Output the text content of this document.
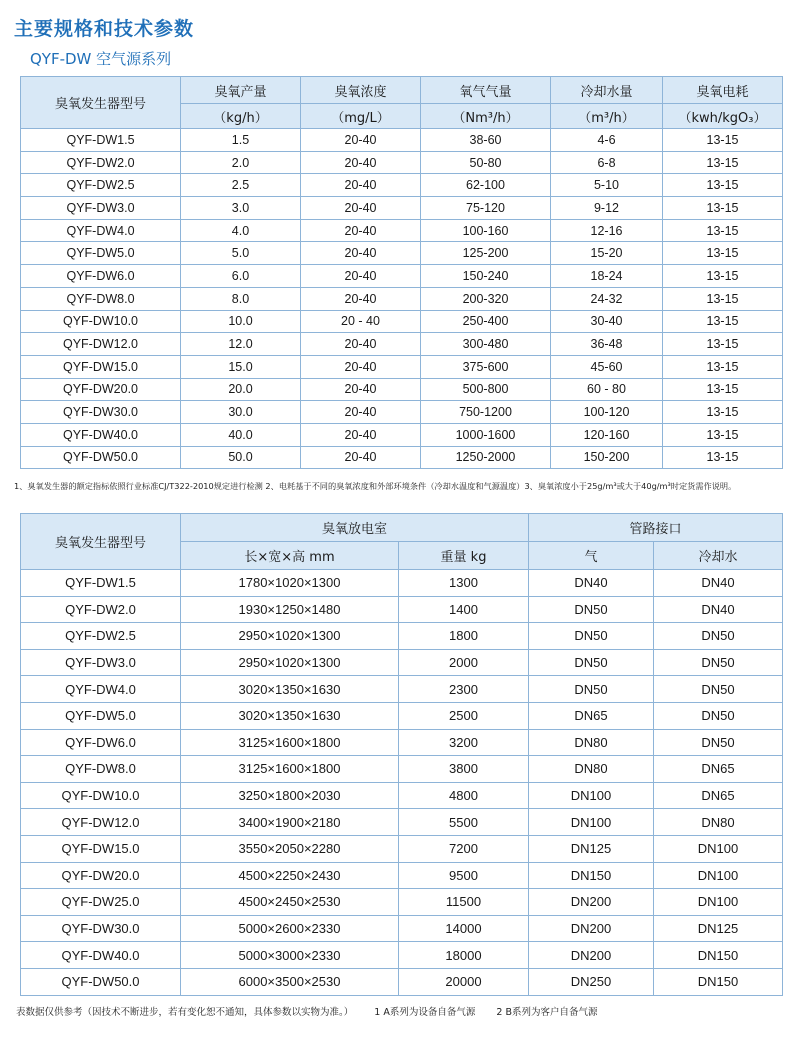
主要规格和技术参数
QYF-DW 空气源系列
臭氧发生器型号	臭氧产量	臭氧浓度	氧气气量	冷却水量	臭氧电耗
	（kg/h）	（mg/L）	（Nm³/h）	（m³/h）	（kwh/kgO₃）
QYF-DW1.5	1.5	20-40	38-60	4-6	13-15
QYF-DW2.0	2.0	20-40	50-80	6-8	13-15
QYF-DW2.5	2.5	20-40	62-100	5-10	13-15
QYF-DW3.0	3.0	20-40	75-120	9-12	13-15
QYF-DW4.0	4.0	20-40	100-160	12-16	13-15
QYF-DW5.0	5.0	20-40	125-200	15-20	13-15
QYF-DW6.0	6.0	20-40	150-240	18-24	13-15
QYF-DW8.0	8.0	20-40	200-320	24-32	13-15
QYF-DW10.0	10.0	20 - 40	250-400	30-40	13-15
QYF-DW12.0	12.0	20-40	300-480	36-48	13-15
QYF-DW15.0	15.0	20-40	375-600	45-60	13-15
QYF-DW20.0	20.0	20-40	500-800	60 - 80	13-15
QYF-DW30.0	30.0	20-40	750-1200	100-120	13-15
QYF-DW40.0	40.0	20-40	1000-1600	120-160	13-15
QYF-DW50.0	50.0	20-40	1250-2000	150-200	13-15
1、臭氧发生器的额定指标依照行业标准CJ/T322-2010规定进行检测 2、电耗基于不同的臭氧浓度和外部环境条件（冷却水温度和气源温度）3、臭氧浓度小于25g/m³或大于40g/m³时定货需作说明。
臭氧发生器型号	臭氧放电室		管路接口	
	长×宽×高 mm	重量 kg	气	冷却水
QYF-DW1.5	1780×1020×1300	1300	DN40	DN40
QYF-DW2.0	1930×1250×1480	1400	DN50	DN40
QYF-DW2.5	2950×1020×1300	1800	DN50	DN50
QYF-DW3.0	2950×1020×1300	2000	DN50	DN50
QYF-DW4.0	3020×1350×1630	2300	DN50	DN50
QYF-DW5.0	3020×1350×1630	2500	DN65	DN50
QYF-DW6.0	3125×1600×1800	3200	DN80	DN50
QYF-DW8.0	3125×1600×1800	3800	DN80	DN65
QYF-DW10.0	3250×1800×2030	4800	DN100	DN65
QYF-DW12.0	3400×1900×2180	5500	DN100	DN80
QYF-DW15.0	3550×2050×2280	7200	DN125	DN100
QYF-DW20.0	4500×2250×2430	9500	DN150	DN100
QYF-DW25.0	4500×2450×2530	11500	DN200	DN100
QYF-DW30.0	5000×2600×2330	14000	DN200	DN125
QYF-DW40.0	5000×3000×2330	18000	DN200	DN150
QYF-DW50.0	6000×3500×2530	20000	DN250	DN150
表数据仅供参考（因技术不断进步，若有变化恕不通知，具体参数以实物为准。） 1 A系列为设备自备气源 2 B系列为客户自备气源
